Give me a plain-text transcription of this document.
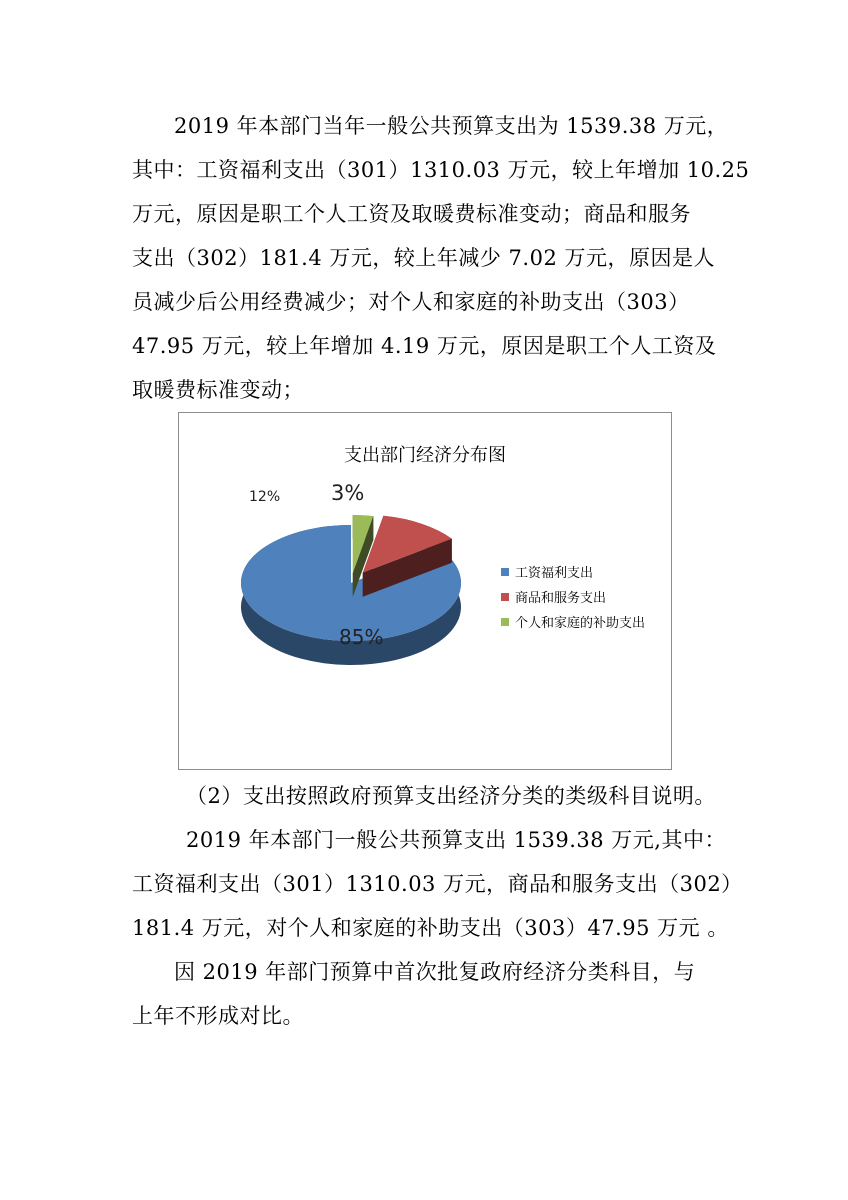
2019 年本部门当年一般公共预算支出为 1539.38 万元，
其中：工资福利支出（301）1310.03 万元，较上年增加 10.25
万元，原因是职工个人工资及取暖费标准变动；商品和服务
支出（302）181.4 万元，较上年减少 7.02 万元，原因是人
员减少后公用经费减少；对个人和家庭的补助支出（303）
47.95 万元，较上年增加 4.19 万元，原因是职工个人工资及
取暖费标准变动；
支出部门经济分布图
85%
12% 3%
工资福利支出
商品和服务支出
个人和家庭的补助支出
（2）支出按照政府预算支出经济分类的类级科目说明。
2019 年本部门一般公共预算支出 1539.38 万元,其中：
工资福利支出（301）1310.03 万元，商品和服务支出（302）
181.4 万元，对个人和家庭的补助支出（303）47.95 万元 。
因 2019 年部门预算中首次批复政府经济分类科目，与
上年不形成对比。
